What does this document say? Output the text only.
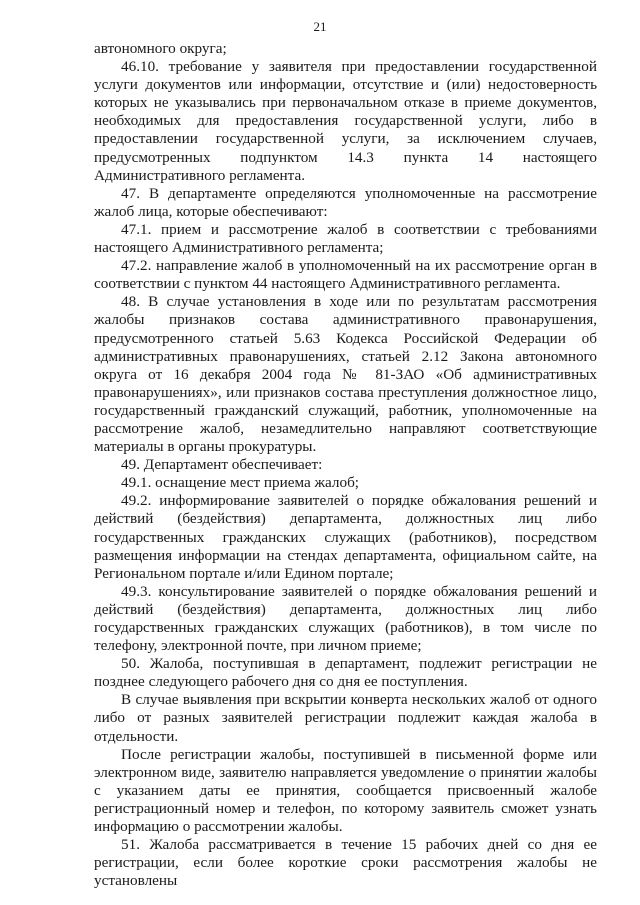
21

автономного округа;

46.10. требование у заявителя при предоставлении государственной услуги документов или информации, отсутствие и (или) недостоверность которых не указывались при первоначальном отказе в приеме документов, необходимых для предоставления государственной услуги, либо в предоставлении государственной услуги, за исключением случаев, предусмотренных подпунктом 14.3 пункта 14 настоящего Административного регламента.

47. В департаменте определяются уполномоченные на рассмотрение жалоб лица, которые обеспечивают:

47.1. прием и рассмотрение жалоб в соответствии с требованиями настоящего Административного регламента;

47.2. направление жалоб в уполномоченный на их рассмотрение орган в соответствии с пунктом 44 настоящего Административного регламента.

48. В случае установления в ходе или по результатам рассмотрения жалобы признаков состава административного правонарушения, предусмотренного статьей 5.63 Кодекса Российской Федерации об административных правонарушениях, статьей 2.12 Закона автономного округа от 16 декабря 2004 года № 81-ЗАО «Об административных правонарушениях», или признаков состава преступления должностное лицо, государственный гражданский служащий, работник, уполномоченные на рассмотрение жалоб, незамедлительно направляют соответствующие материалы в органы прокуратуры.

49. Департамент обеспечивает:

49.1. оснащение мест приема жалоб;

49.2. информирование заявителей о порядке обжалования решений и действий (бездействия) департамента, должностных лиц либо государственных гражданских служащих (работников), посредством размещения информации на стендах департамента, официальном сайте, на Региональном портале и/или Едином портале;

49.3. консультирование заявителей о порядке обжалования решений и действий (бездействия) департамента, должностных лиц либо государственных гражданских служащих (работников), в том числе по телефону, электронной почте, при личном приеме;

50. Жалоба, поступившая в департамент, подлежит регистрации не позднее следующего рабочего дня со дня ее поступления.

В случае выявления при вскрытии конверта нескольких жалоб от одного либо от разных заявителей регистрации подлежит каждая жалоба в отдельности.

После регистрации жалобы, поступившей в письменной форме или электронном виде, заявителю направляется уведомление о принятии жалобы с указанием даты ее принятия, сообщается присвоенный жалобе регистрационный номер и телефон, по которому заявитель сможет узнать информацию о рассмотрении жалобы.

51. Жалоба рассматривается в течение 15 рабочих дней со дня ее регистрации, если более короткие сроки рассмотрения жалобы не установлены
